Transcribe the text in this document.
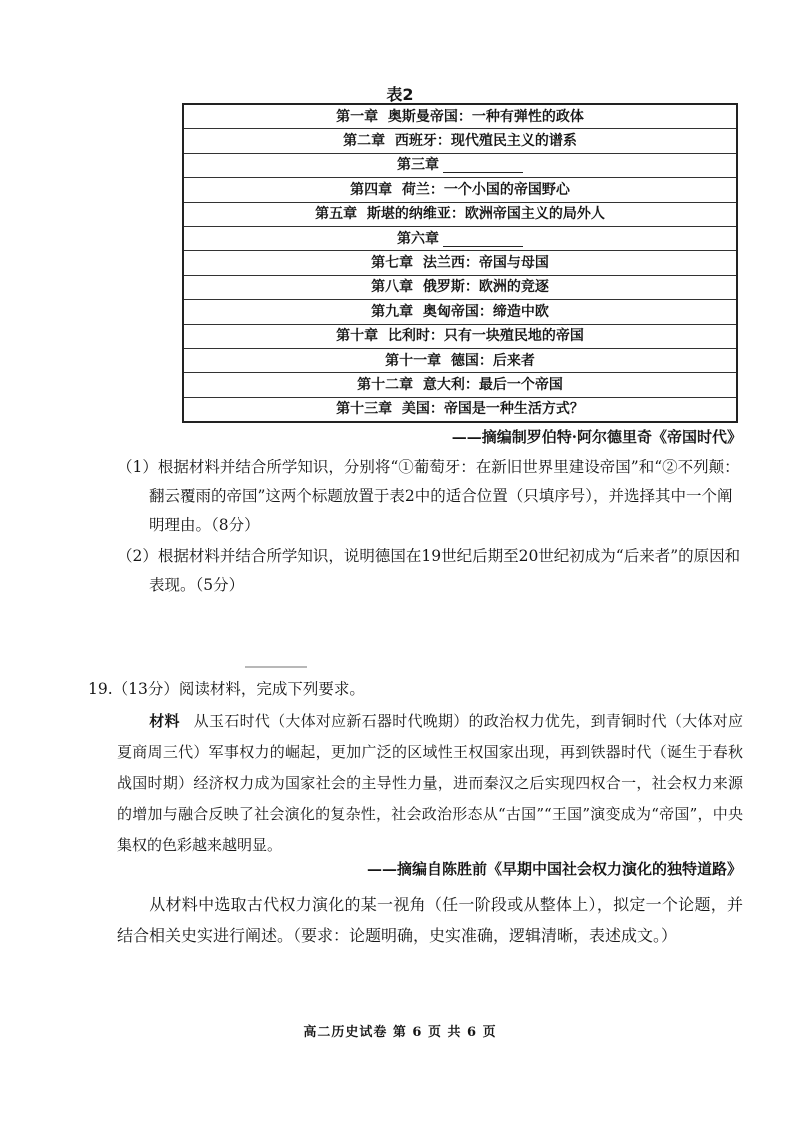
表2
第一章 奥斯曼帝国：一种有弹性的政体
第二章 西班牙：现代殖民主义的谱系
第三章
第四章 荷兰：一个小国的帝国野心
第五章 斯堪的纳维亚：欧洲帝国主义的局外人
第六章
第七章 法兰西：帝国与母国
第八章 俄罗斯：欧洲的竞逐
第九章 奥匈帝国：缔造中欧
第十章 比利时：只有一块殖民地的帝国
第十一章 德国：后来者
第十二章 意大利：最后一个帝国
第十三章 美国：帝国是一种生活方式？
——摘编制罗伯特·阿尔德里奇《帝国时代》
（1）根据材料并结合所学知识，分别将“①葡萄牙：在新旧世界里建设帝国”和“②不列颠：翻云覆雨的帝国”这两个标题放置于表2中的适合位置（只填序号），并选择其中一个阐明理由。（8分）
（2）根据材料并结合所学知识，说明德国在19世纪后期至20世纪初成为“后来者”的原因和表现。（5分）
19.（13分）阅读材料，完成下列要求。
材料 从玉石时代（大体对应新石器时代晚期）的政治权力优先，到青铜时代（大体对应夏商周三代）军事权力的崛起，更加广泛的区域性王权国家出现，再到铁器时代（诞生于春秋战国时期）经济权力成为国家社会的主导性力量，进而秦汉之后实现四权合一，社会权力来源的增加与融合反映了社会演化的复杂性，社会政治形态从“古国”“王国”演变成为“帝国”，中央集权的色彩越来越明显。
——摘编自陈胜前《早期中国社会权力演化的独特道路》
从材料中选取古代权力演化的某一视角（任一阶段或从整体上），拟定一个论题，并结合相关史实进行阐述。（要求：论题明确，史实准确，逻辑清晰，表述成文。）
高二历史试卷 第 6 页 共 6 页
